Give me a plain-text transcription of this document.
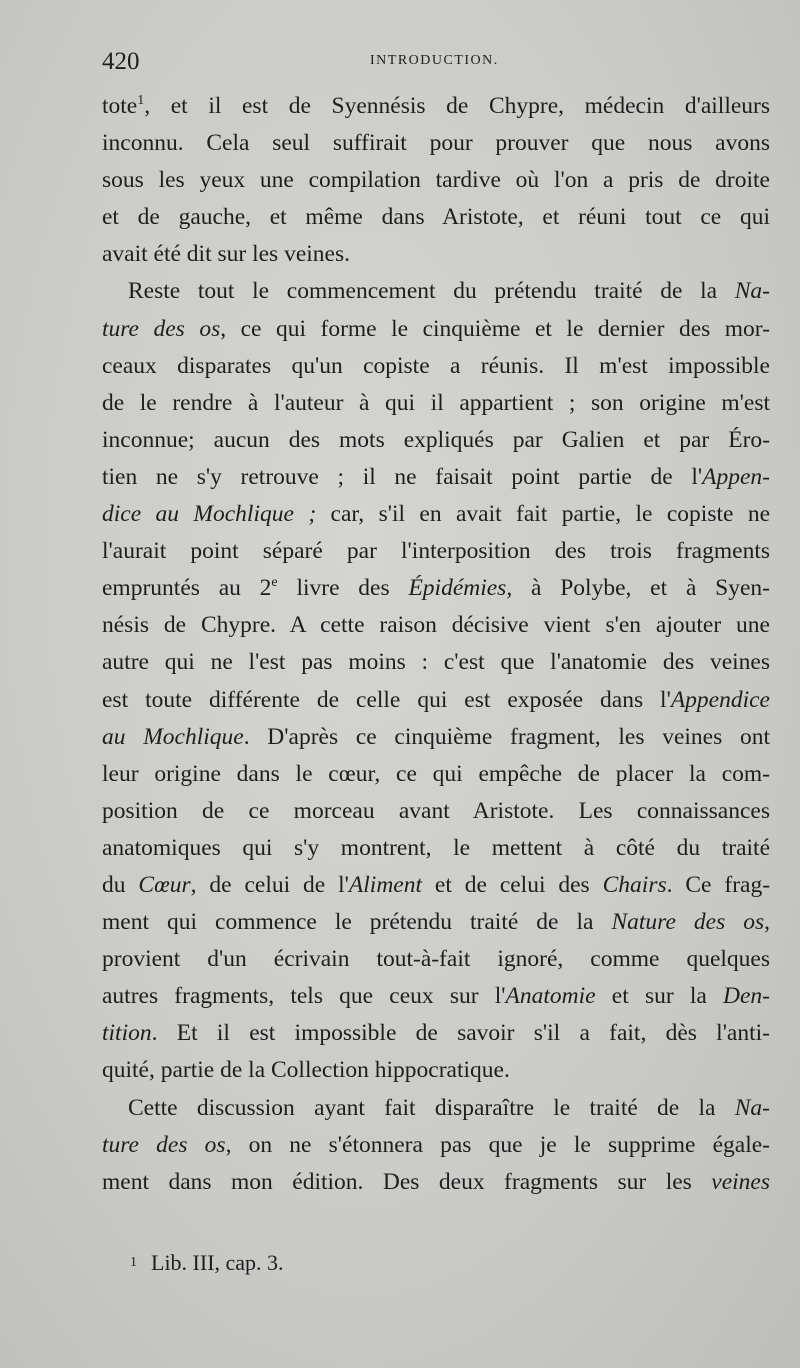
420	INTRODUCTION.
tote$^1$, et il est de Syennésis de Chypre, médecin d'ailleurs
inconnu. Cela seul suffirait pour prouver que nous avons
sous les yeux une compilation tardive où l'on a pris de droite
et de gauche, et même dans Aristote, et réuni tout ce qui
avait été dit sur les veines.
Reste tout le commencement du prétendu traité de la Na-
ture des os, ce qui forme le cinquième et le dernier des mor-
ceaux disparates qu'un copiste a réunis. Il m'est impossible
de le rendre à l'auteur à qui il appartient ; son origine m'est
inconnue; aucun des mots expliqués par Galien et par Éro-
tien ne s'y retrouve ; il ne faisait point partie de l'Appen-
dice au Mochlique ; car, s'il en avait fait partie, le copiste ne
l'aurait point séparé par l'interposition des trois fragments
empruntés au 2e livre des Épidémies, à Polybe, et à Syen-
nésis de Chypre. A cette raison décisive vient s'en ajouter une
autre qui ne l'est pas moins : c'est que l'anatomie des veines
est toute différente de celle qui est exposée dans l'Appendice
au Mochlique. D'après ce cinquième fragment, les veines ont
leur origine dans le cœur, ce qui empêche de placer la com-
position de ce morceau avant Aristote. Les connaissances
anatomiques qui s'y montrent, le mettent à côté du traité
du Cœur, de celui de l'Aliment et de celui des Chairs. Ce frag-
ment qui commence le prétendu traité de la Nature des os,
provient d'un écrivain tout-à-fait ignoré, comme quelques
autres fragments, tels que ceux sur l'Anatomie et sur la Den-
tition. Et il est impossible de savoir s'il a fait, dès l'anti-
quité, partie de la Collection hippocratique.
Cette discussion ayant fait disparaître le traité de la Na-
ture des os, on ne s'étonnera pas que je le supprime égale-
ment dans mon édition. Des deux fragments sur les veines
$^1$ Lib. III, cap. 3.
